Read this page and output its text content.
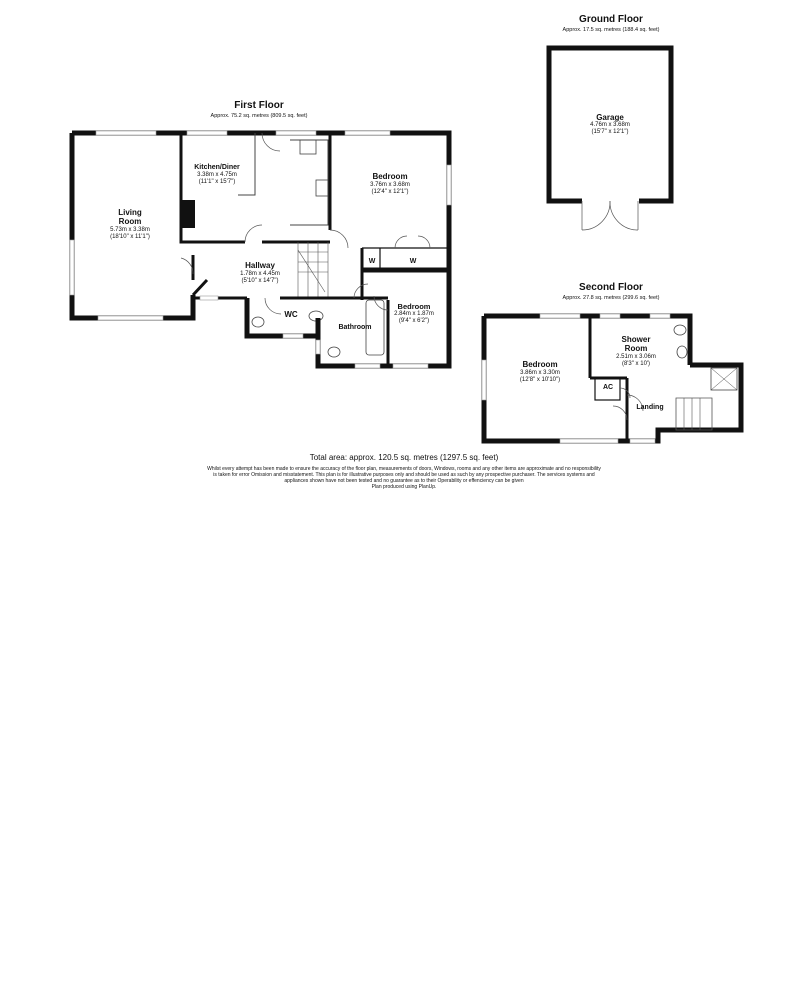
Ground Floor
Approx. 17.5 sq. metres (188.4 sq. feet)
Garage
4.76m x 3.68m
(15'7" x 12'1")
First Floor
Approx. 75.2 sq. metres (809.5 sq. feet)
Living
Room
5.73m x 3.38m
(18'10" x 11'1")
Kitchen/Diner
3.38m x 4.75m
(11'1" x 15'7")
Bedroom
3.76m x 3.68m
(12'4" x 12'1")
Hallway
1.78m x 4.45m
(5'10" x 14'7")
Bedroom
2.84m x 1.87m
(9'4" x 6'2")
WC
Bathroom
W	W
Second Floor
Approx. 27.8 sq. metres (299.6 sq. feet)
Bedroom
3.86m x 3.30m
(12'8" x 10'10")
Shower
Room
2.51m x 3.06m
(8'3" x 10')
AC
Landing
Total area: approx. 120.5 sq. metres (1297.5 sq. feet)
Whilst every attempt has been made to ensure the accuracy of the floor plan, measurements of doors, Windows, rooms and any other items are approximate and no responsibility
is taken for error Omission and misstatement. This plan is for illustrative purposes only and should be used as such by any prospective purchaser. The services systems and
appliances shown have not been tested and no guarantee as to their Operability or effenciency can be given
Plan produced using PlanUp.
